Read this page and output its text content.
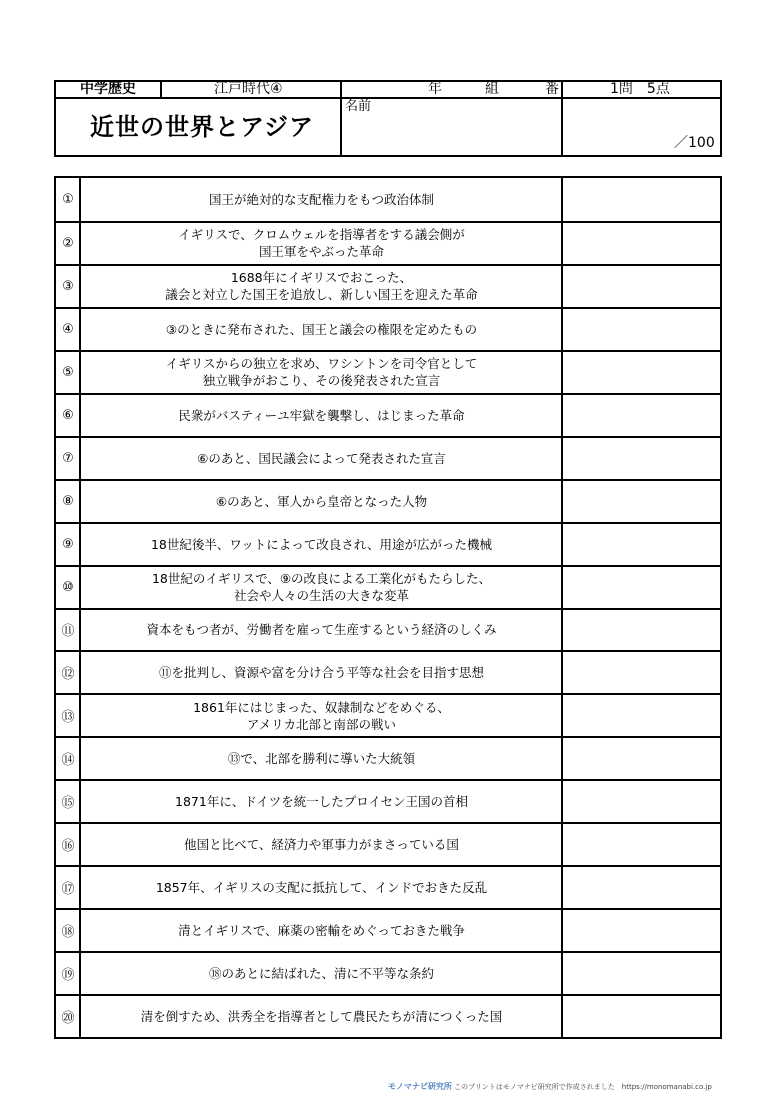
中学歴史	江戸時代④	年	組	番	1問　5点
近世の世界とアジア
名前
／100
①	国王が絶対的な支配権力をもつ政治体制
②
イギリスで、クロムウェルを指導者をする議会側が
国王軍をやぶった革命
③
1688年にイギリスでおこった、
議会と対立した国王を追放し、新しい国王を迎えた革命
④	③のときに発布された、国王と議会の権限を定めたもの
⑤
イギリスからの独立を求め、ワシントンを司令官として
独立戦争がおこり、その後発表された宣言
⑥	民衆がバスティーユ牢獄を襲撃し、はじまった革命
⑦	⑥のあと、国民議会によって発表された宣言
⑧	⑥のあと、軍人から皇帝となった人物
⑨	18世紀後半、ワットによって改良され、用途が広がった機械
⑩
18世紀のイギリスで、⑨の改良による工業化がもたらした、
社会や人々の生活の大きな変革
⑪	資本をもつ者が、労働者を雇って生産するという経済のしくみ
⑫	⑪を批判し、資源や富を分け合う平等な社会を目指す思想
⑬
1861年にはじまった、奴隷制などをめぐる、
アメリカ北部と南部の戦い
⑭	⑬で、北部を勝利に導いた大統領
⑮	1871年に、ドイツを統一したプロイセン王国の首相
⑯	他国と比べて、経済力や軍事力がまさっている国
⑰	1857年、イギリスの支配に抵抗して、インドでおきた反乱
⑱	清とイギリスで、麻薬の密輸をめぐっておきた戦争
⑲	⑱のあとに結ばれた、清に不平等な条約
⑳	清を倒すため、洪秀全を指導者として農民たちが清につくった国
モノマナビ研究所 このプリントはモノマナビ研究所で作成されました　https://monomanabi.co.jp
